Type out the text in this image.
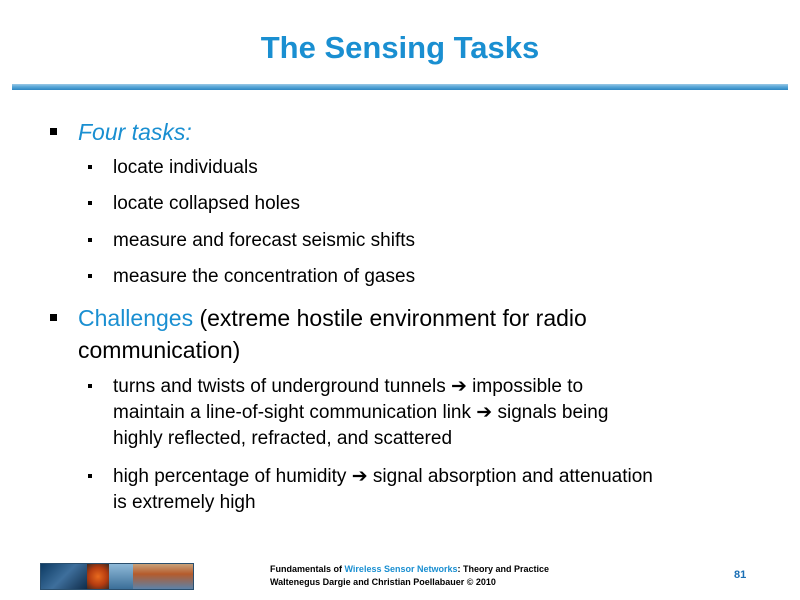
The Sensing Tasks
Four tasks:
locate individuals
locate collapsed holes
measure and forecast seismic shifts
measure the concentration of gases
Challenges (extreme hostile environment for radio
communication)
turns and twists of underground tunnels ➔ impossible to
maintain a line-of-sight communication link ➔ signals being
highly reflected, refracted, and scattered
high percentage of humidity ➔ signal absorption and attenuation
is extremely high
Fundamentals of Wireless Sensor Networks: Theory and Practice
Waltenegus Dargie and Christian Poellabauer © 2010
81
